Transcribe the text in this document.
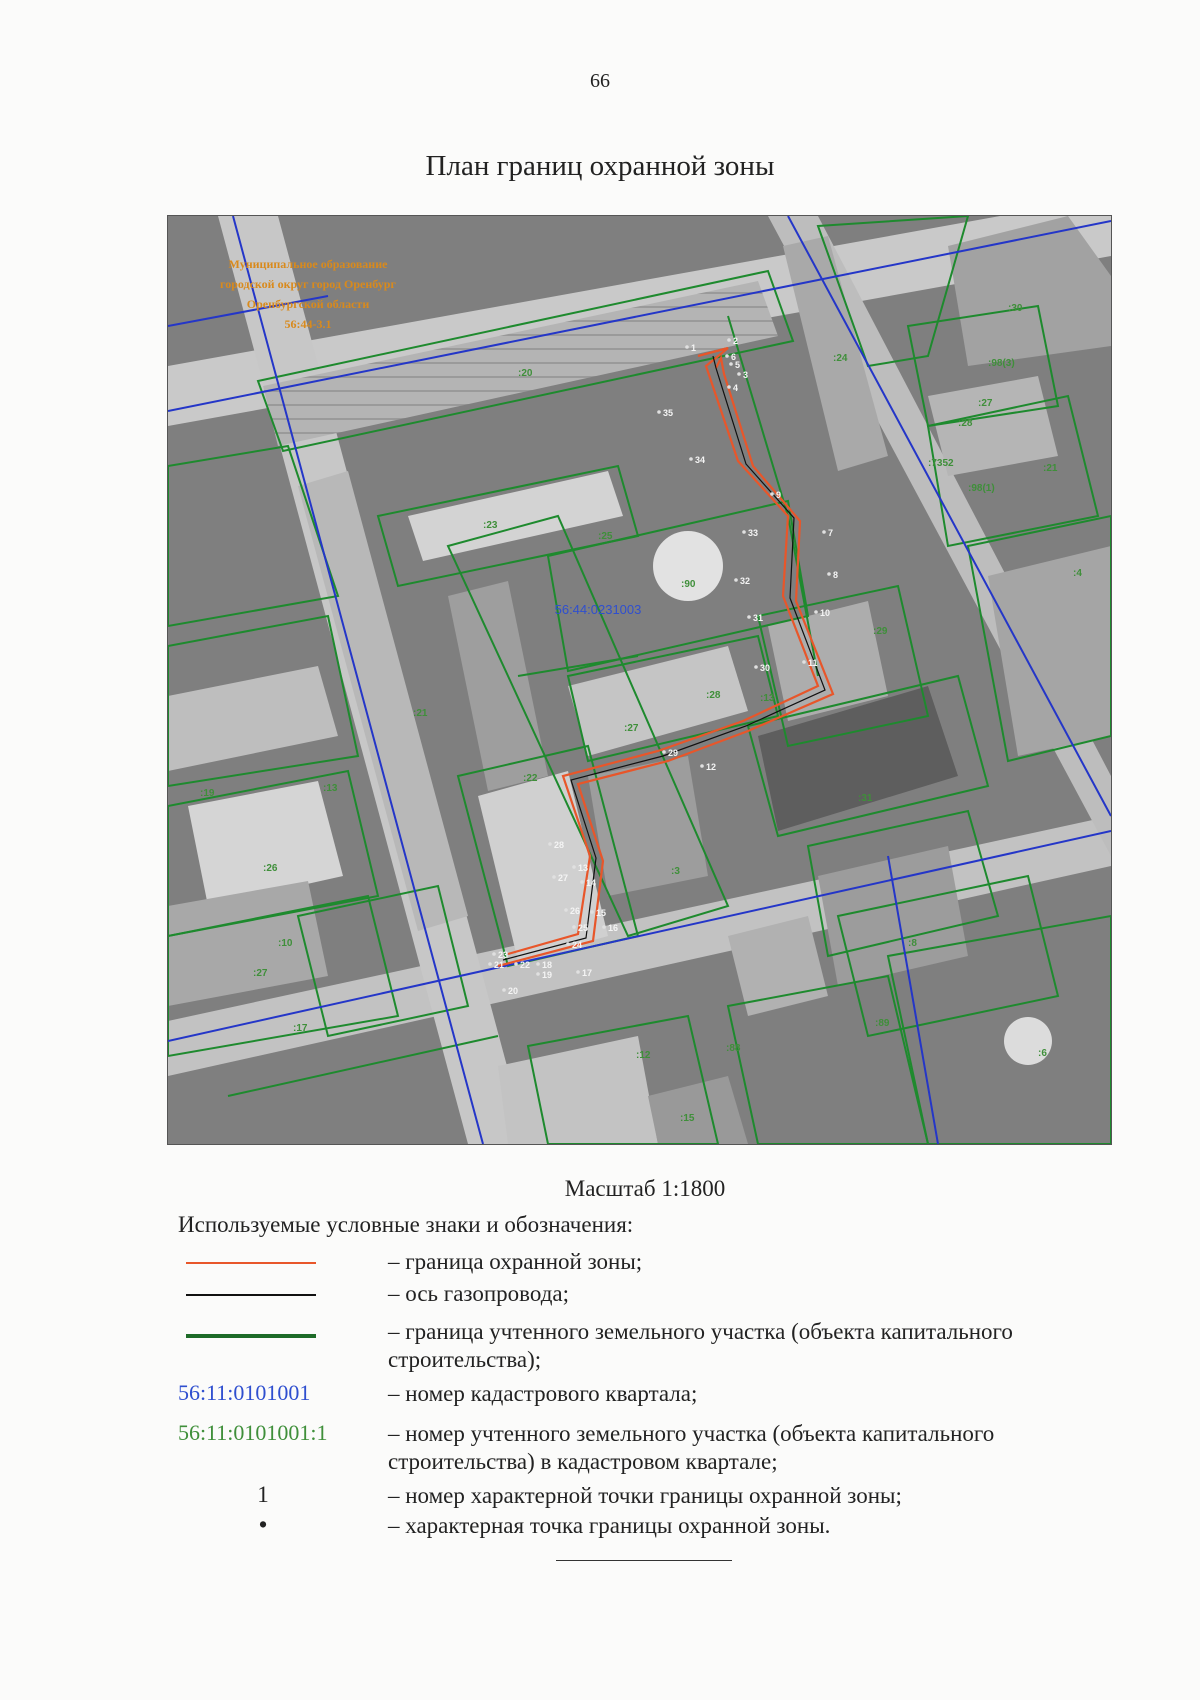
66
План границ охранной зоны
Муниципальное образование
городской округ город Оренбург
Оренбургской области
56:44-3.1
56:44:0231003
:30
:98(3)
:27
:28
:98(1)
:21
:24
:20
:23
:25
:90
:29
:28	:13
:27
:22
:31
:3
:21
:19	:13
:26
:10
:27
:17
:12
:88
:89
:8
:6
:15
:7352
:4
1
2
3
4
5
6
7
8
9
10
11
12
13
14
15
16
17
18
19
20
21 22
23
24
25
26
27
28
29
30
31
32
33
34
35
Масштаб 1:1800
Используемые условные знаки и обозначения:
– граница охранной зоны;
– ось газопровода;
– граница учтенного земельного участка (объекта капитального строительства);
56:11:0101001	– номер кадастрового квартала;
56:11:0101001:1	– номер учтенного земельного участка (объекта капитального строительства) в кадастровом квартале;
1	– номер характерной точки границы охранной зоны;
•	– характерная точка границы охранной зоны.
